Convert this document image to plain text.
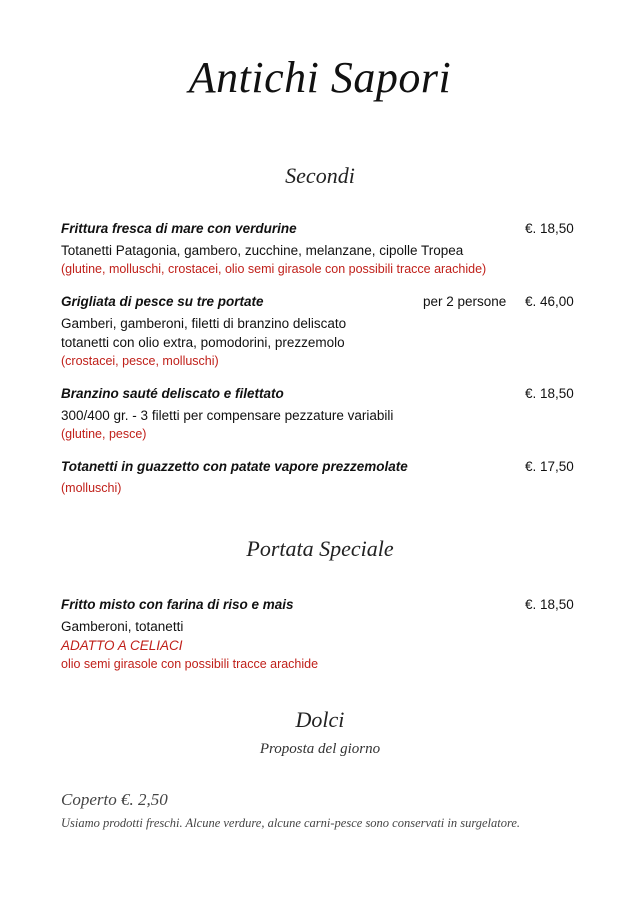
Antichi Sapori
Secondi
Frittura fresca di mare con verdurine	€. 18,50
Totanetti Patagonia, gambero, zucchine, melanzane, cipolle Tropea
(glutine, molluschi, crostacei, olio semi girasole con possibili tracce arachide)
Grigliata di pesce su tre portate	per 2 persone €. 46,00
Gamberi, gamberoni, filetti di branzino deliscato
totanetti con olio extra, pomodorini, prezzemolo
(crostacei, pesce, molluschi)
Branzino sauté deliscato e filettato	€. 18,50
300/400 gr. - 3 filetti per compensare pezzature variabili
(glutine, pesce)
Totanetti in guazzetto con patate vapore prezzemolate	€. 17,50
(molluschi)
Portata Speciale
Fritto misto con farina di riso e mais	€. 18,50
Gamberoni, totanetti
ADATTO A CELIACI
olio semi girasole con possibili tracce arachide
Dolci
Proposta del giorno
Coperto €. 2,50
Usiamo prodotti freschi. Alcune verdure, alcune carni-pesce sono conservati in surgelatore.
